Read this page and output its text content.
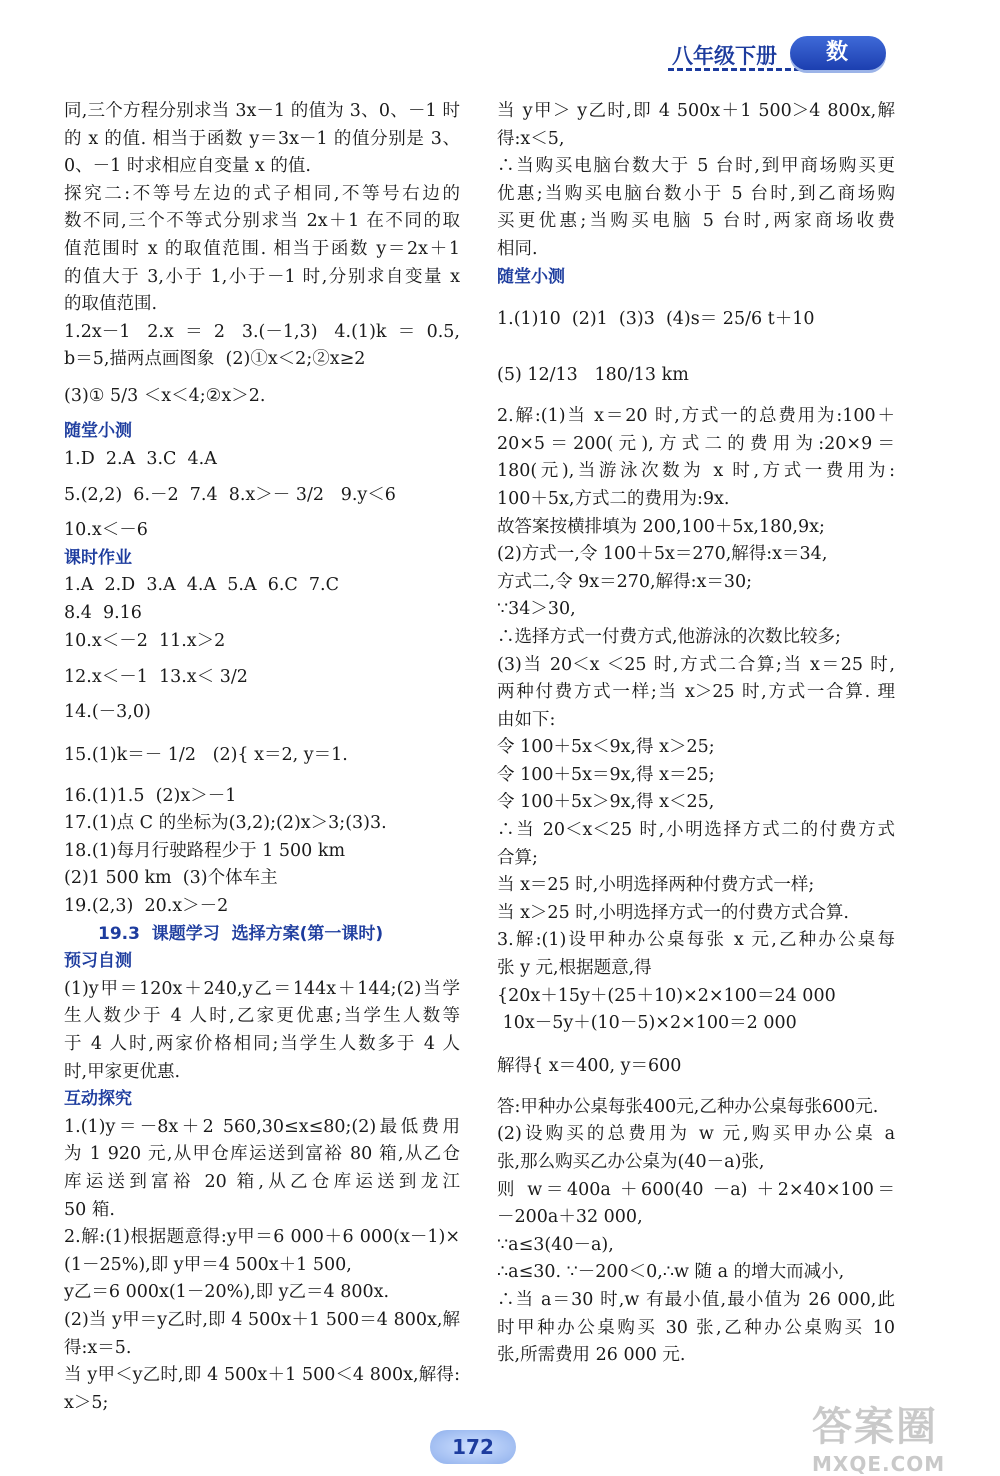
八年级下册	数 学
同,三个方程分别求当 3x－1 的值为 3、0、－1 时
的 x 的值. 相当于函数 y＝3x－1 的值分别是 3、
0、－1 时求相应自变量 x 的值.
探究二:不等号左边的式子相同,不等号右边的
数不同,三个不等式分别求当 2x＋1 在不同的取
值范围时 x 的取值范围. 相当于函数 y＝2x＋1
的值大于 3,小于 1,小于－1 时,分别求自变量 x
的取值范围.
1.2x－1 2.x＝2 3.(－1,3) 4.(1)k＝0.5,
b＝5,描两点画图象  (2)①x＜2;②x≥2
(3)① 5/3 ＜x＜4;②x＞2.
随堂小测
1.D  2.A  3.C  4.A
5.(2,2)  6.－2  7.4  8.x＞－ 3/2   9.y＜6
10.x＜－6
课时作业
1.A  2.D  3.A  4.A  5.A  6.C  7.C
8.4  9.16
10.x＜－2  11.x＞2
12.x＜－1  13.x＜ 3/2
14.(－3,0)
15.(1)k＝－ 1/2   (2){ x＝2, y＝1.
16.(1)1.5  (2)x＞－1
17.(1)点 C 的坐标为(3,2);(2)x＞3;(3)3.
18.(1)每月行驶路程少于 1 500 km
(2)1 500 km  (3)个体车主
19.(2,3)  20.x＞－2
19.3  课题学习  选择方案(第一课时)
预习自测
(1)y甲＝120x＋240,y乙＝144x＋144;(2)当学
生人数少于 4 人时,乙家更优惠;当学生人数等
于 4 人时,两家价格相同;当学生人数多于 4 人
时,甲家更优惠.
互动探究
1.(1)y＝－8x＋2 560,30≤x≤80;(2)最低费用
为 1 920 元,从甲仓库运送到富裕 80 箱,从乙仓
库运送到富裕 20 箱,从乙仓库运送到龙江
50 箱.
2.解:(1)根据题意得:y甲＝6 000＋6 000(x－1)×
(1－25%),即 y甲＝4 500x＋1 500,
y乙＝6 000x(1－20%),即 y乙＝4 800x.
(2)当 y甲＝y乙时,即 4 500x＋1 500＝4 800x,解
得:x＝5.
当 y甲＜y乙时,即 4 500x＋1 500＜4 800x,解得:
x＞5;
当 y甲＞ y乙时,即 4 500x＋1 500＞4 800x,解
得:x＜5,
∴当购买电脑台数大于 5 台时,到甲商场购买更
优惠;当购买电脑台数小于 5 台时,到乙商场购
买更优惠;当购买电脑 5 台时,两家商场收费
相同.
随堂小测
1.(1)10  (2)1  (3)3  (4)s＝ 25/6 t＋10
(5) 12/13   180/13 km
2.解:(1)当 x＝20 时,方式一的总费用为:100＋
20×5＝200(元),方式二的费用为:20×9＝
180(元),当游泳次数为 x 时,方式一费用为:
100＋5x,方式二的费用为:9x.
故答案按横排填为 200,100＋5x,180,9x;
(2)方式一,令 100＋5x＝270,解得:x＝34,
方式二,令 9x＝270,解得:x＝30;
∵34＞30,
∴选择方式一付费方式,他游泳的次数比较多;
(3)当 20＜x ＜25 时,方式二合算;当 x＝25 时,
两种付费方式一样;当 x＞25 时,方式一合算. 理
由如下:
令 100＋5x＜9x,得 x＞25;
令 100＋5x＝9x,得 x＝25;
令 100＋5x＞9x,得 x＜25,
∴当 20＜x＜25 时,小明选择方式二的付费方式
合算;
当 x＝25 时,小明选择两种付费方式一样;
当 x＞25 时,小明选择方式一的付费方式合算.
3.解:(1)设甲种办公桌每张 x 元,乙种办公桌每
张 y 元,根据题意,得
{20x＋15y＋(25＋10)×2×100＝24 000
10x－5y＋(10－5)×2×100＝2 000
解得{ x＝400, y＝600
答:甲种办公桌每张400元,乙种办公桌每张600元.
(2)设购买的总费用为 w 元,购买甲办公桌 a
张,那么购买乙办公桌为(40－a)张,
则 w＝400a ＋600(40 －a) ＋2×40×100＝
－200a＋32 000,
∵a≤3(40－a),
∴a≤30. ∵－200＜0,∴w 随 a 的增大而减小,
∴当 a＝30 时,w 有最小值,最小值为 26 000,此
时甲种办公桌购买 30 张,乙种办公桌购买 10
张,所需费用 26 000 元.
172	答案圈
MXQE.COM
